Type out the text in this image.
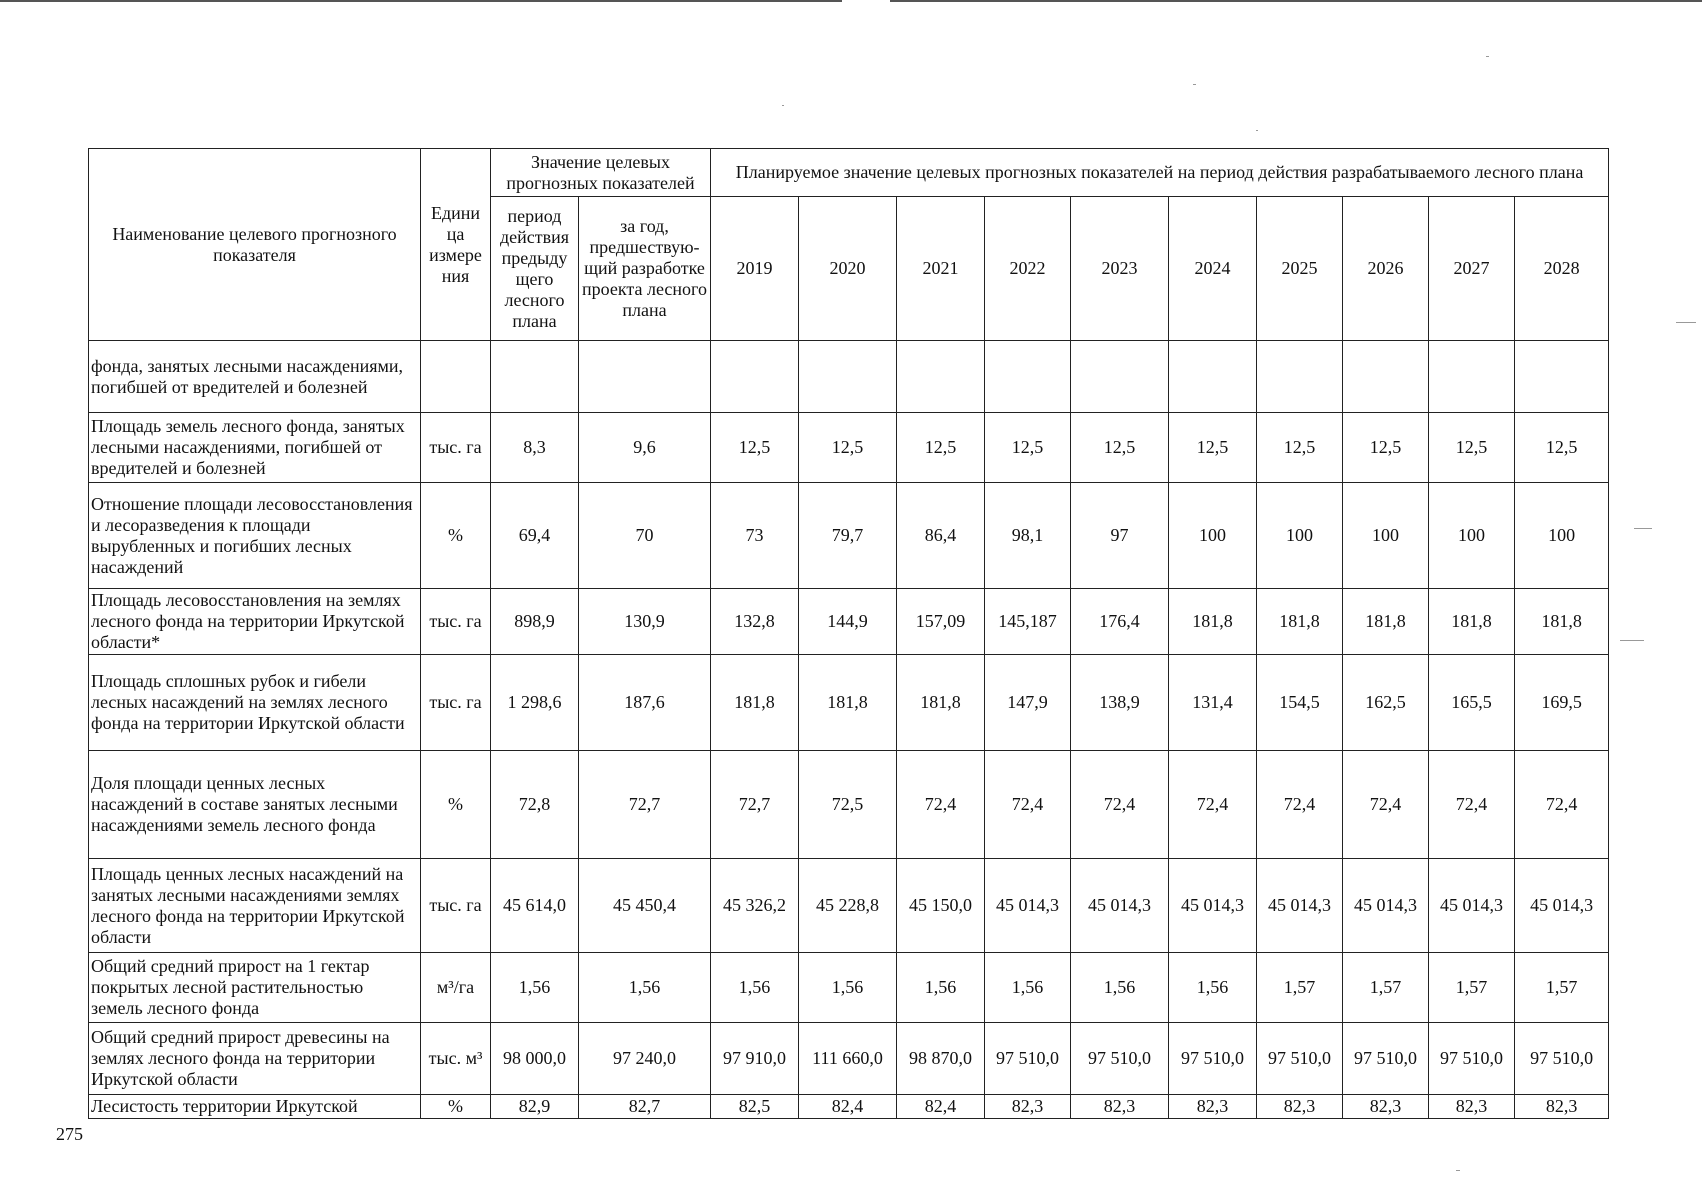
Наименование целевого прогнозного показателя	Едини ца измере ния	Значение целевых прогнозных показателей		Планируемое значение целевых прогнозных показателей на период действия разрабатываемого лесного плана									
		период действия предыду щего лесного плана	за год, предшествую-щий разработке проекта лесного плана	2019	2020	2021	2022	2023	2024	2025	2026	2027	2028
фонда, занятых лесными насаждениями, погибшей от вредителей и болезней													
Площадь земель лесного фонда, занятых лесными насаждениями, погибшей от вредителей и болезней	тыс. га	8,3	9,6	12,5	12,5	12,5	12,5	12,5	12,5	12,5	12,5	12,5	12,5
Отношение площади лесовосстановления и лесоразведения к площади вырубленных и погибших лесных насаждений	%	69,4	70	73	79,7	86,4	98,1	97	100	100	100	100	100
Площадь лесовосстановления на землях лесного фонда на территории Иркутской области*	тыс. га	898,9	130,9	132,8	144,9	157,09	145,187	176,4	181,8	181,8	181,8	181,8	181,8
Площадь сплошных рубок и гибели лесных насаждений на землях лесного фонда на территории Иркутской области	тыс. га	1 298,6	187,6	181,8	181,8	181,8	147,9	138,9	131,4	154,5	162,5	165,5	169,5
Доля площади ценных лесных насаждений в составе занятых лесными насаждениями земель лесного фонда	%	72,8	72,7	72,7	72,5	72,4	72,4	72,4	72,4	72,4	72,4	72,4	72,4
Площадь ценных лесных насаждений на занятых лесными насаждениями землях лесного фонда на территории Иркутской области	тыс. га	45 614,0	45 450,4	45 326,2	45 228,8	45 150,0	45 014,3	45 014,3	45 014,3	45 014,3	45 014,3	45 014,3	45 014,3
Общий средний прирост на 1 гектар покрытых лесной растительностью земель лесного фонда	м³/га	1,56	1,56	1,56	1,56	1,56	1,56	1,56	1,56	1,57	1,57	1,57	1,57
Общий средний прирост древесины на землях лесного фонда на территории Иркутской области	тыс. м³	98 000,0	97 240,0	97 910,0	111 660,0	98 870,0	97 510,0	97 510,0	97 510,0	97 510,0	97 510,0	97 510,0	97 510,0
Лесистость территории Иркутской	%	82,9	82,7	82,5	82,4	82,4	82,3	82,3	82,3	82,3	82,3	82,3	82,3
275
